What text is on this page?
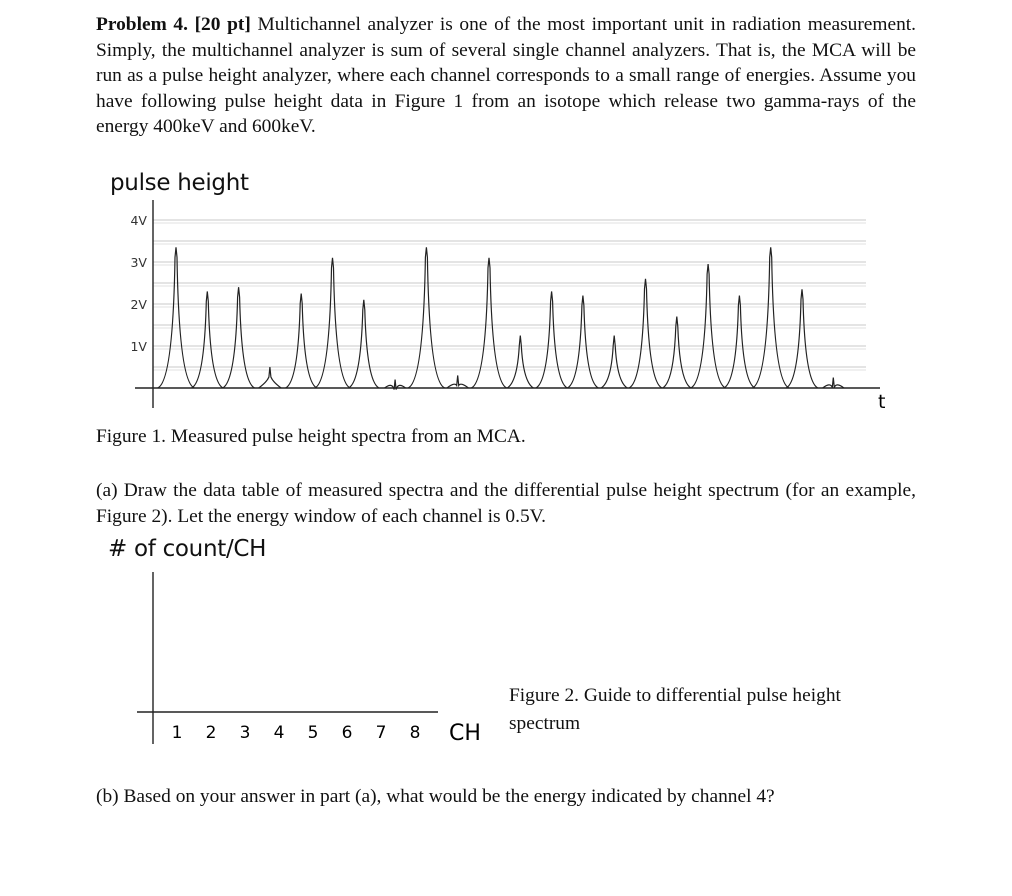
Problem 4. [20 pt] Multichannel analyzer is one of the most important unit in radiation measurement. Simply, the multichannel analyzer is sum of several single channel analyzers. That is, the MCA will be run as a pulse height analyzer, where each channel corresponds to a small range of energies. Assume you have following pulse height data in Figure 1 from an isotope which release two gamma-rays of the energy 400keV and 600keV.
pulse height
4V
3V
2V
1V
t
Figure 1. Measured pulse height spectra from an MCA.
(a) Draw the data table of measured spectra and the differential pulse height spectrum (for an example, Figure 2). Let the energy window of each channel is 0.5V.
# of count/CH
1 2 3 4 5 6 7 8 CH
Figure 2. Guide to differential pulse height spectrum
(b) Based on your answer in part (a), what would be the energy indicated by channel 4?
